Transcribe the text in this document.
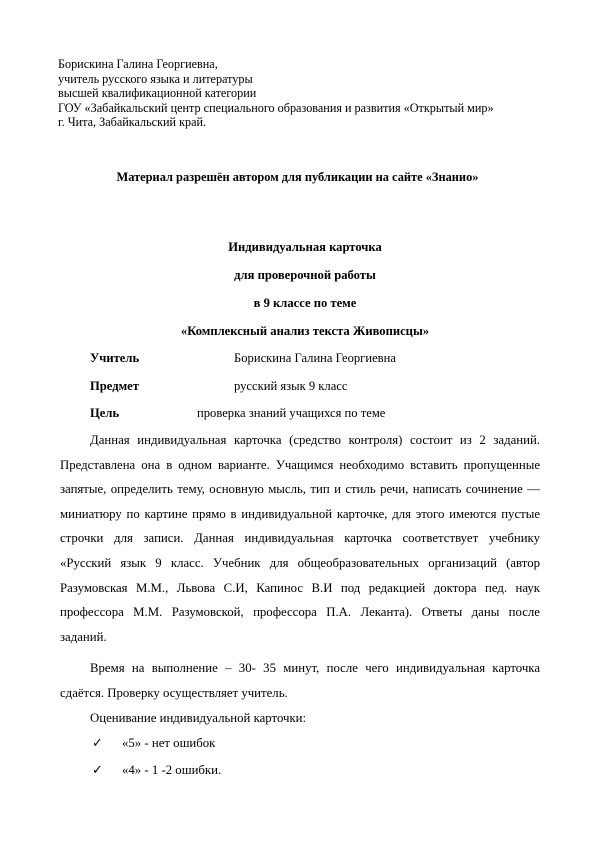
Борискина Галина Георгиевна,
учитель русского языка и литературы
высшей квалификационной категории
ГОУ «Забайкальский центр специального образования и развития «Открытый мир»
г. Чита, Забайкальский край.
Материал разрешён автором для публикации на сайте «Знанио»
Индивидуальная карточка
для проверочной работы
в 9 классе по теме
«Комплексный анализ текста Живописцы»
Учитель	Борискина Галина Георгиевна
Предмет	русский язык 9 класс
Цель	проверка знаний учащихся по теме

Данная индивидуальная карточка (средство контроля) состоит из 2 заданий. Представлена она в одном варианте. Учащимся необходимо вставить пропущенные запятые, определить тему, основную мысль, тип и стиль речи, написать сочинение — миниатюру по картине прямо в индивидуальной карточке, для этого имеются пустые строчки для записи. Данная индивидуальная карточка соответствует учебнику «Русский язык 9 класс. Учебник для общеобразовательных организаций (автор Разумовская М.М., Львова С.И, Капинос В.И под редакцией доктора пед. наук профессора М.М. Разумовской, профессора П.А. Леканта). Ответы даны после заданий.

Время на выполнение – 30- 35 минут, после чего индивидуальная карточка сдаётся. Проверку осуществляет учитель.

Оценивание индивидуальной карточки:
✓ «5» - нет ошибок
✓ «4» - 1 -2 ошибки.
